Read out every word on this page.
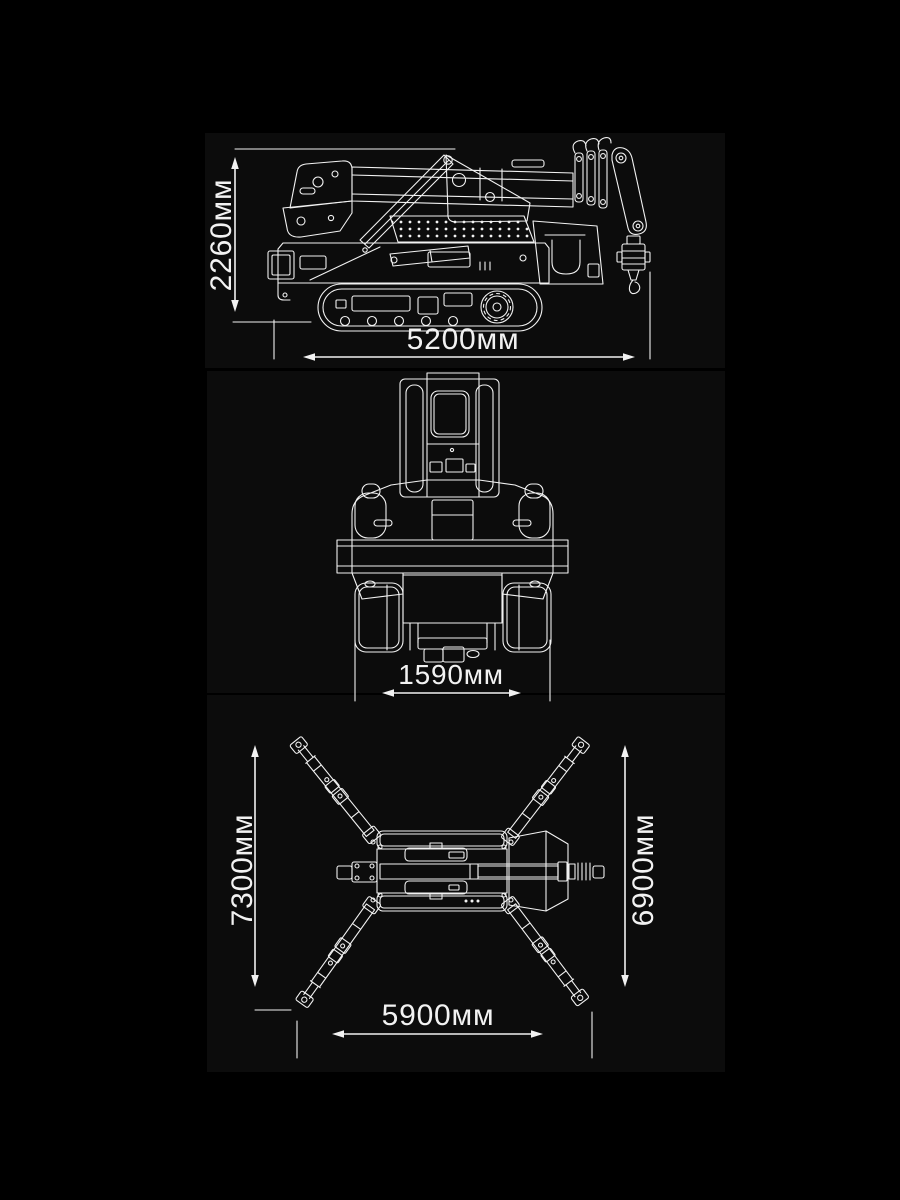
2260мм
5200мм
1590мм
7300мм	6900мм
5900мм
